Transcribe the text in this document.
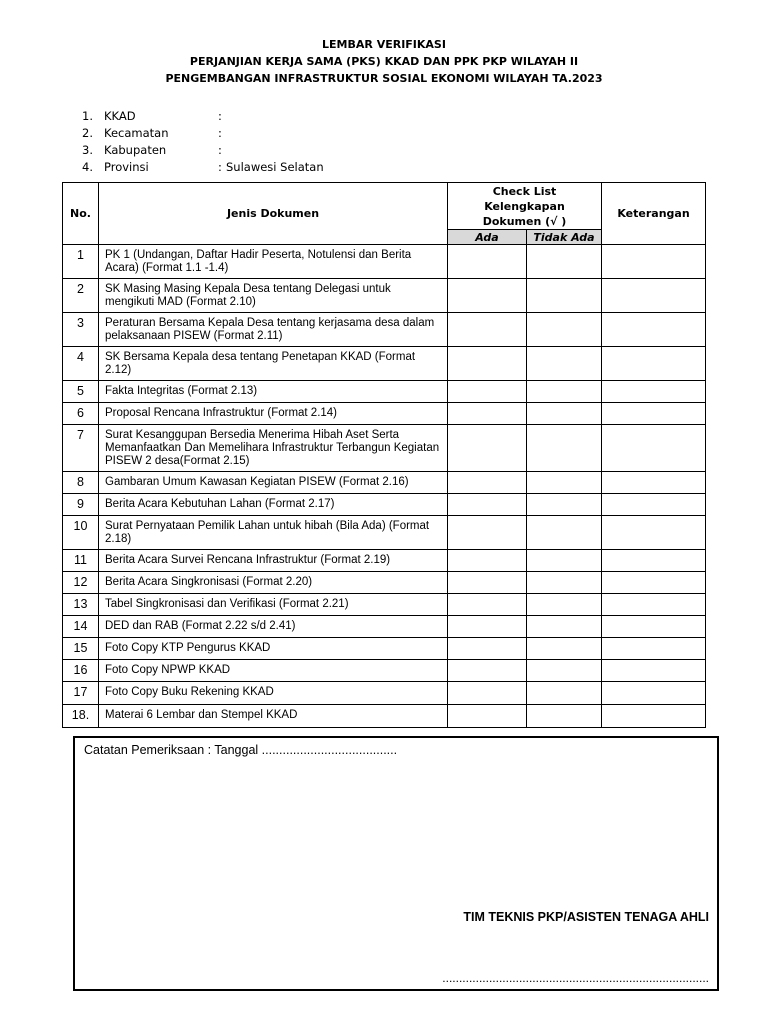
LEMBAR VERIFIKASI
PERJANJIAN KERJA SAMA (PKS) KKAD DAN PPK PKP WILAYAH II
PENGEMBANGAN INFRASTRUKTUR SOSIAL EKONOMI WILAYAH TA.2023
1. KKAD	:
2. Kecamatan	:
3. Kabupaten	:
4. Provinsi	: Sulawesi Selatan
No.	Jenis Dokumen	Check List Kelengkapan Dokumen (√ )		Keterangan
		Ada	Tidak Ada	
1	PK 1 (Undangan, Daftar Hadir Peserta, Notulensi dan Berita Acara) (Format 1.1 -1.4)			
2	SK Masing Masing Kepala Desa tentang Delegasi untuk mengikuti MAD (Format 2.10)			
3	Peraturan Bersama Kepala Desa tentang kerjasama desa dalam pelaksanaan PISEW (Format 2.11)			
4	SK Bersama Kepala desa tentang Penetapan KKAD (Format 2.12)			
5	Fakta Integritas (Format 2.13)			
6	Proposal Rencana Infrastruktur (Format 2.14)			
7	Surat Kesanggupan Bersedia Menerima Hibah Aset Serta Memanfaatkan Dan Memelihara Infrastruktur Terbangun Kegiatan PISEW 2 desa(Format 2.15)			
8	Gambaran Umum Kawasan Kegiatan PISEW (Format 2.16)			
9	Berita Acara Kebutuhan Lahan (Format 2.17)			
10	Surat Pernyataan Pemilik Lahan untuk hibah (Bila Ada) (Format 2.18)			
11	Berita Acara Survei Rencana Infrastruktur (Format 2.19)			
12	Berita Acara Singkronisasi (Format 2.20)			
13	Tabel Singkronisasi dan Verifikasi (Format 2.21)			
14	DED dan RAB (Format 2.22 s/d 2.41)			
15	Foto Copy KTP Pengurus KKAD			
16	Foto Copy NPWP KKAD			
17	Foto Copy Buku Rekening KKAD			
18.	Materai 6 Lembar dan Stempel KKAD			
Catatan Pemeriksaan : Tanggal .......................................
TIM TEKNIS PKP/ASISTEN TENAGA AHLI
................................................................................
